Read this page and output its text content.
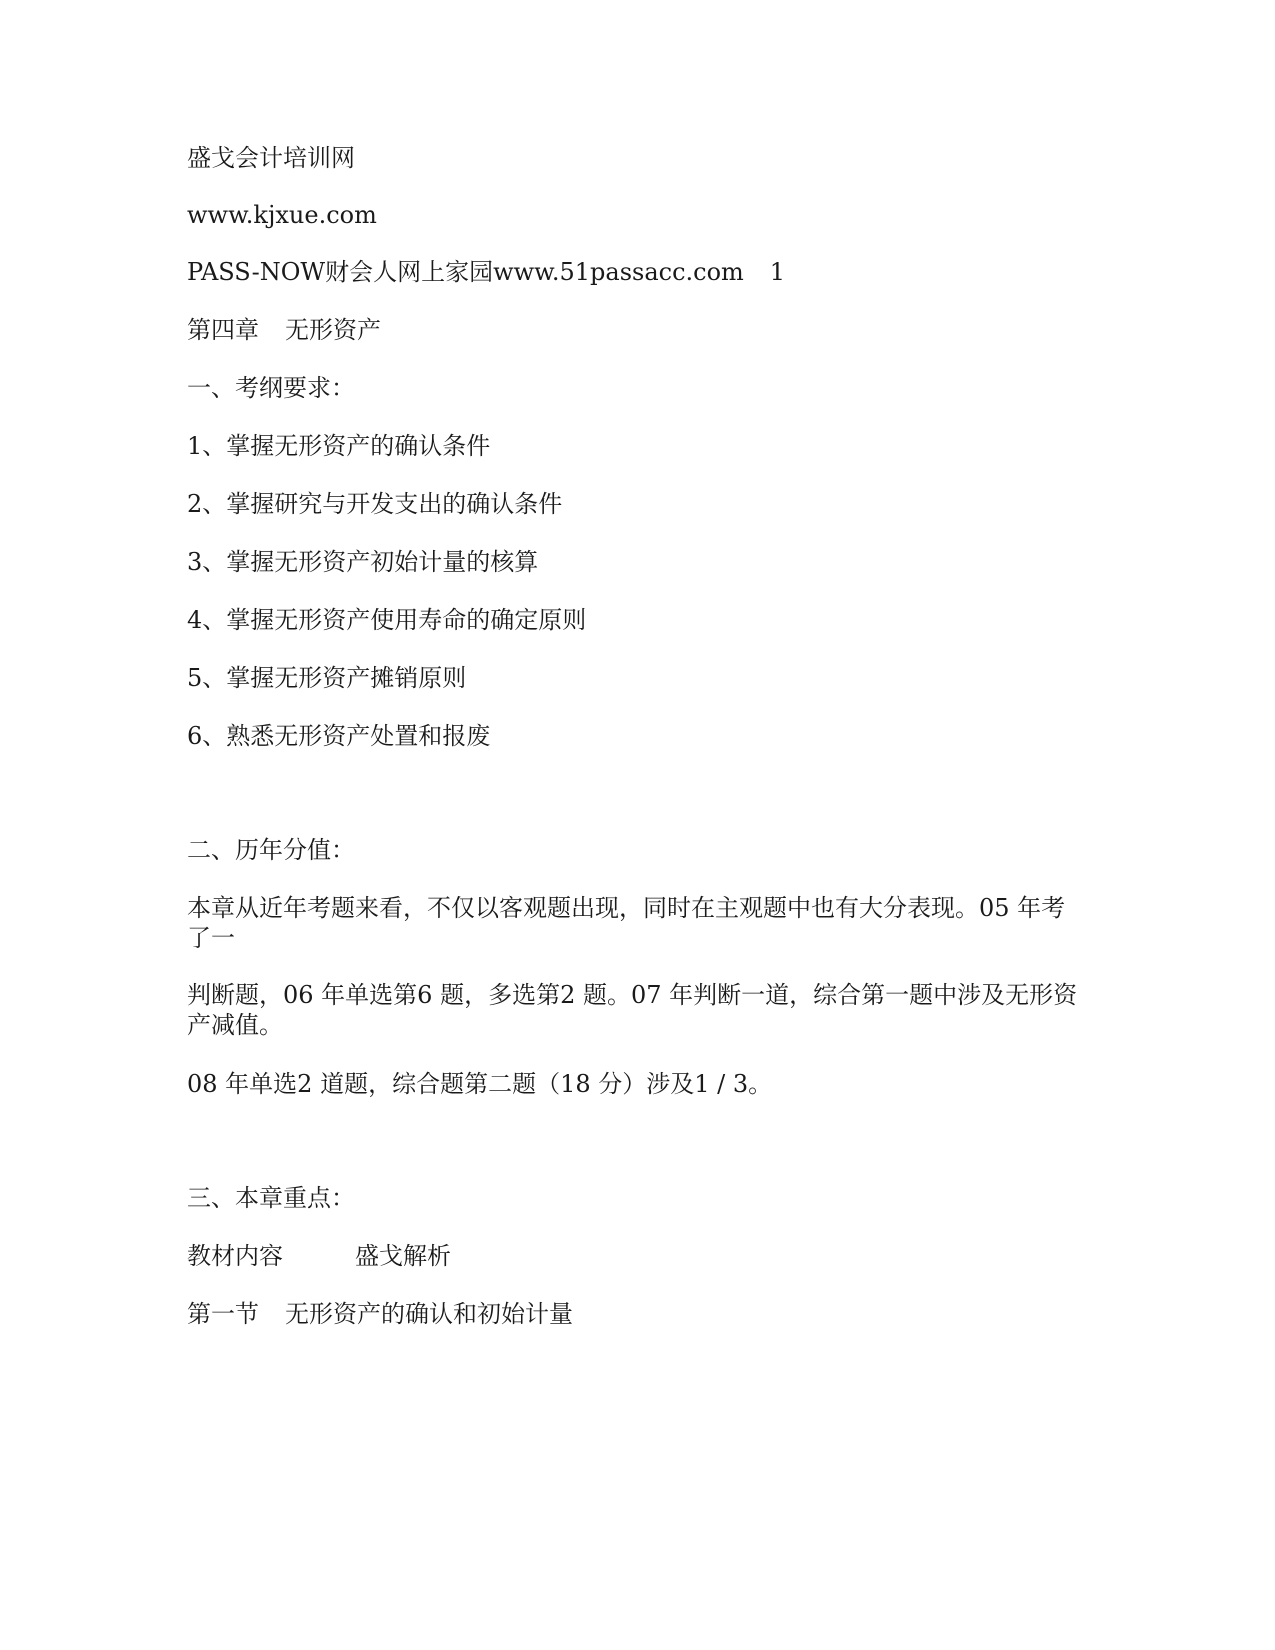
盛戈会计培训网
www.kjxue.com
PASS-NOW财会人网上家园www.51passacc.com 1
第四章 无形资产
一、考纲要求：
1、掌握无形资产的确认条件
2、掌握研究与开发支出的确认条件
3、掌握无形资产初始计量的核算
4、掌握无形资产使用寿命的确定原则
5、掌握无形资产摊销原则
6、熟悉无形资产处置和报废
二、历年分值：
本章从近年考题来看，不仅以客观题出现，同时在主观题中也有大分表现。05 年考了一
判断题，06 年单选第6 题，多选第2 题。07 年判断一道，综合第一题中涉及无形资产减值。
08 年单选2 道题，综合题第二题（18 分）涉及1 / 3。
三、本章重点：
教材内容	盛戈解析
第一节 无形资产的确认和初始计量
